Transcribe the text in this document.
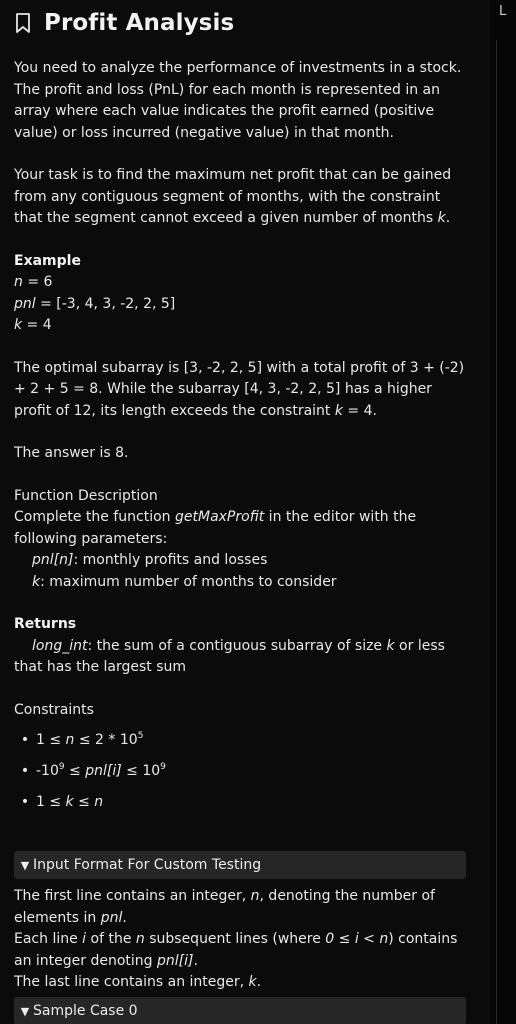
Profit Analysis

You need to analyze the performance of investments in a stock. The profit and loss (PnL) for each month is represented in an array where each value indicates the profit earned (positive value) or loss incurred (negative value) in that month.

Your task is to find the maximum net profit that can be gained from any contiguous segment of months, with the constraint that the segment cannot exceed a given number of months k.

Example

n = 6

pnl = [-3, 4, 3, -2, 2, 5]

k = 4

The optimal subarray is [3, -2, 2, 5] with a total profit of 3 + (-2) + 2 + 5 = 8. While the subarray [4, 3, -2, 2, 5] has a higher profit of 12, its length exceeds the constraint k = 4.

The answer is 8.

Function Description

Complete the function getMaxProfit in the editor with the following parameters:

pnl[n]: monthly profits and losses

k: maximum number of months to consider

Returns

long_int: the sum of a contiguous subarray of size k or less that has the largest sum

Constraints

• $1 \le n \le 2 * 10^5$
• $-10^9 \le pnl[i] \le 10^9$
• 1 ≤ k ≤ n
▼ Input Format For Custom Testing

The first line contains an integer, n, denoting the number of elements in pnl.

Each line i of the n subsequent lines (where 0 ≤ i < n) contains an integer denoting pnl[i].

The last line contains an integer, k.

▼ Sample Case 0
L
